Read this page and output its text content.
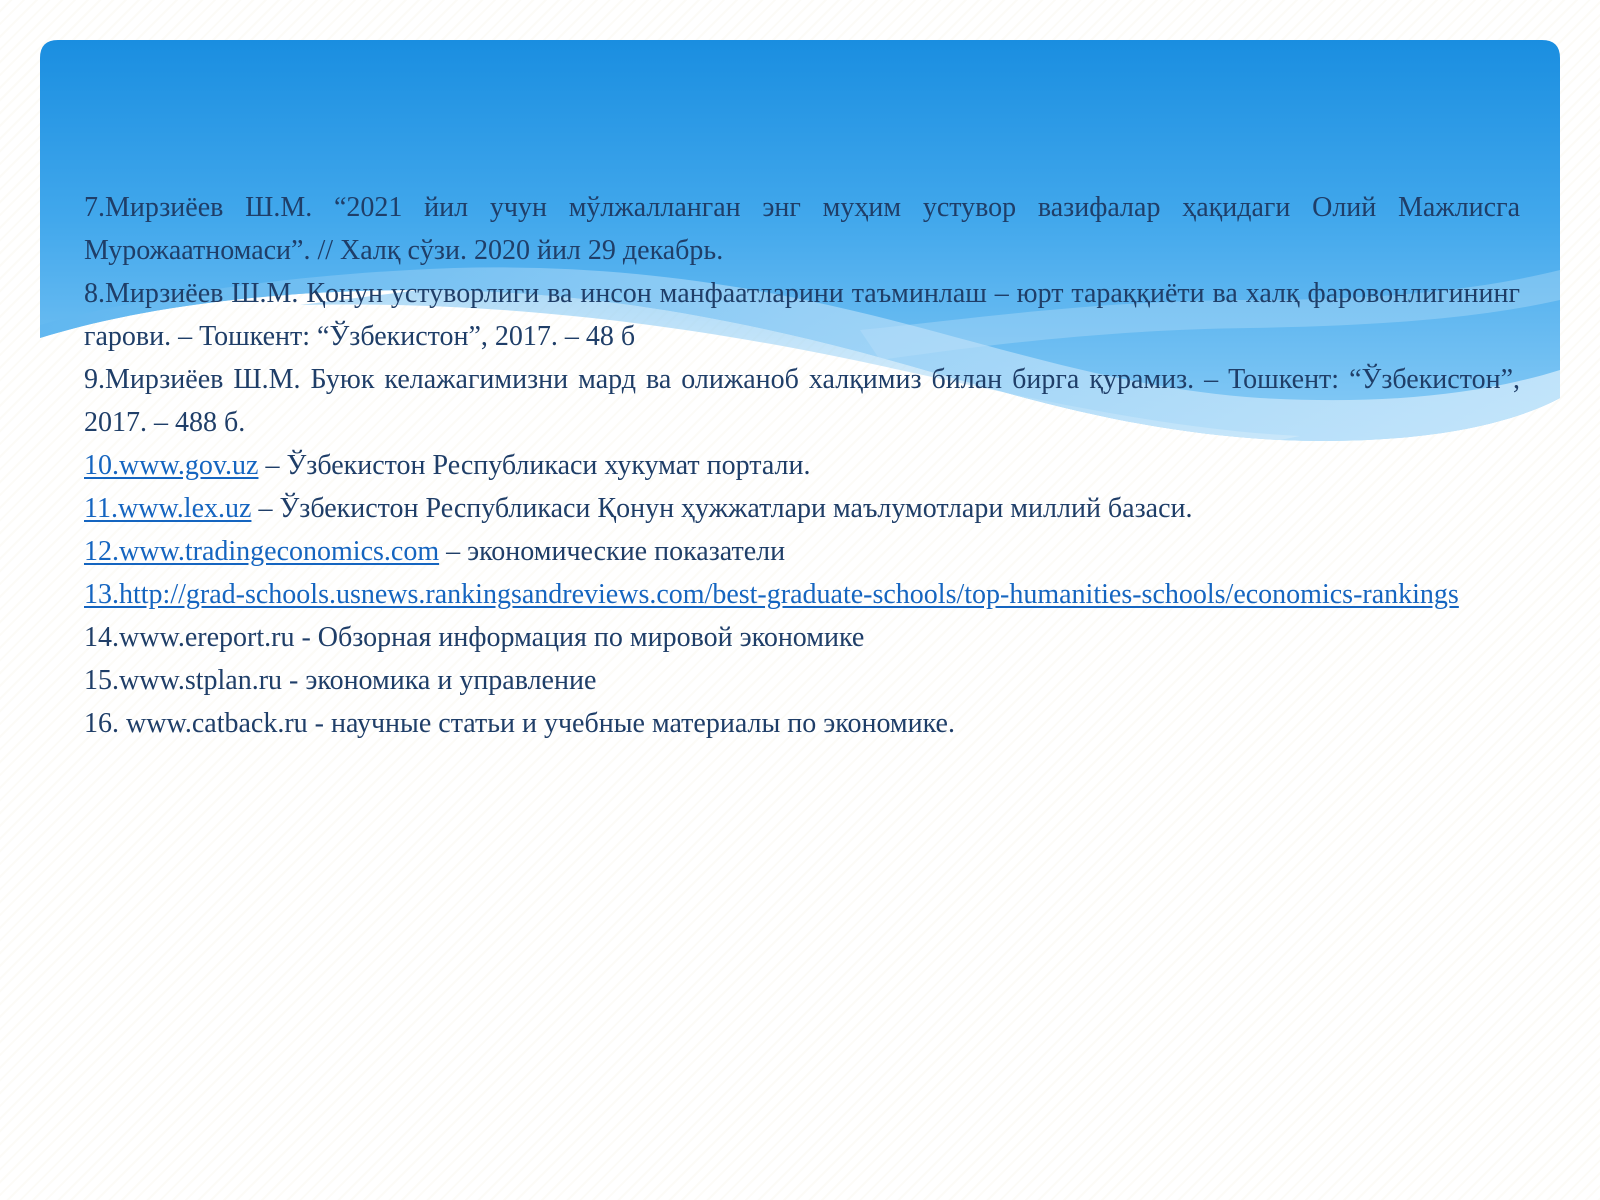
7.Мирзиёев Ш.М. “2021 йил учун мўлжалланган энг муҳим устувор вазифалар ҳақидаги Олий Мажлисга Мурожаатномаси”. // Халқ сўзи. 2020 йил 29 декабрь.

8.Мирзиёев Ш.М. Қонун устуворлиги ва инсон манфаатларини таъминлаш – юрт тараққиёти ва халқ фаровонлигининг гарови. – Тошкент: “Ўзбекистон”, 2017. – 48 б

9.Мирзиёев Ш.М. Буюк келажагимизни мард ва олижаноб халқимиз билан бирга қурамиз. – Тошкент: “Ўзбекистон”, 2017. – 488 б.

10.www.gov.uz – Ўзбекистон Республикаси хукумат портали.

11.www.lex.uz – Ўзбекистон Республикаси Қонун ҳужжатлари маълумотлари миллий базаси.

12.www.tradingeconomics.com – экономические показатели

13.http://grad-schools.usnews.rankingsandreviews.com/best-graduate-schools/top-humanities-schools/economics-rankings

14.www.ereport.ru - Обзорная информация по мировой экономике

15.www.stplan.ru - экономика и управление

16. www.catback.ru - научные статьи и учебные материалы по экономике.
